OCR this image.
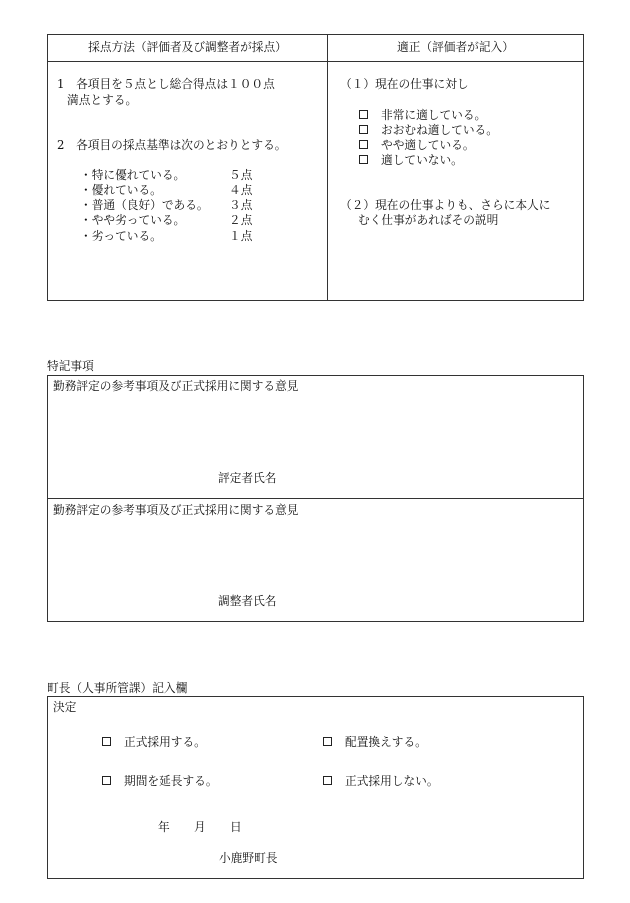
採点方法（評価者及び調整者が採点）	適正（評価者が記入）
1　各項目を５点とし総合得点は１００点
満点とする。
2　各項目の採点基準は次のとおりとする。
・特に優れている。	５点
・優れている。	４点
・普通（良好）である。 ３点
・やや劣っている。	２点
・劣っている。	１点
（１）現在の仕事に対し
非常に適している。
おおむね適している。
やや適している。
適していない。
（２）現在の仕事よりも、さらに本人に
むく仕事があればその説明
特記事項
勤務評定の参考事項及び正式採用に関する意見
評定者氏名
勤務評定の参考事項及び正式採用に関する意見
調整者氏名
町長（人事所管課）記入欄
決定
正式採用する。	配置換えする。
期間を延長する。	正式採用しない。
年 月 日
小鹿野町長
